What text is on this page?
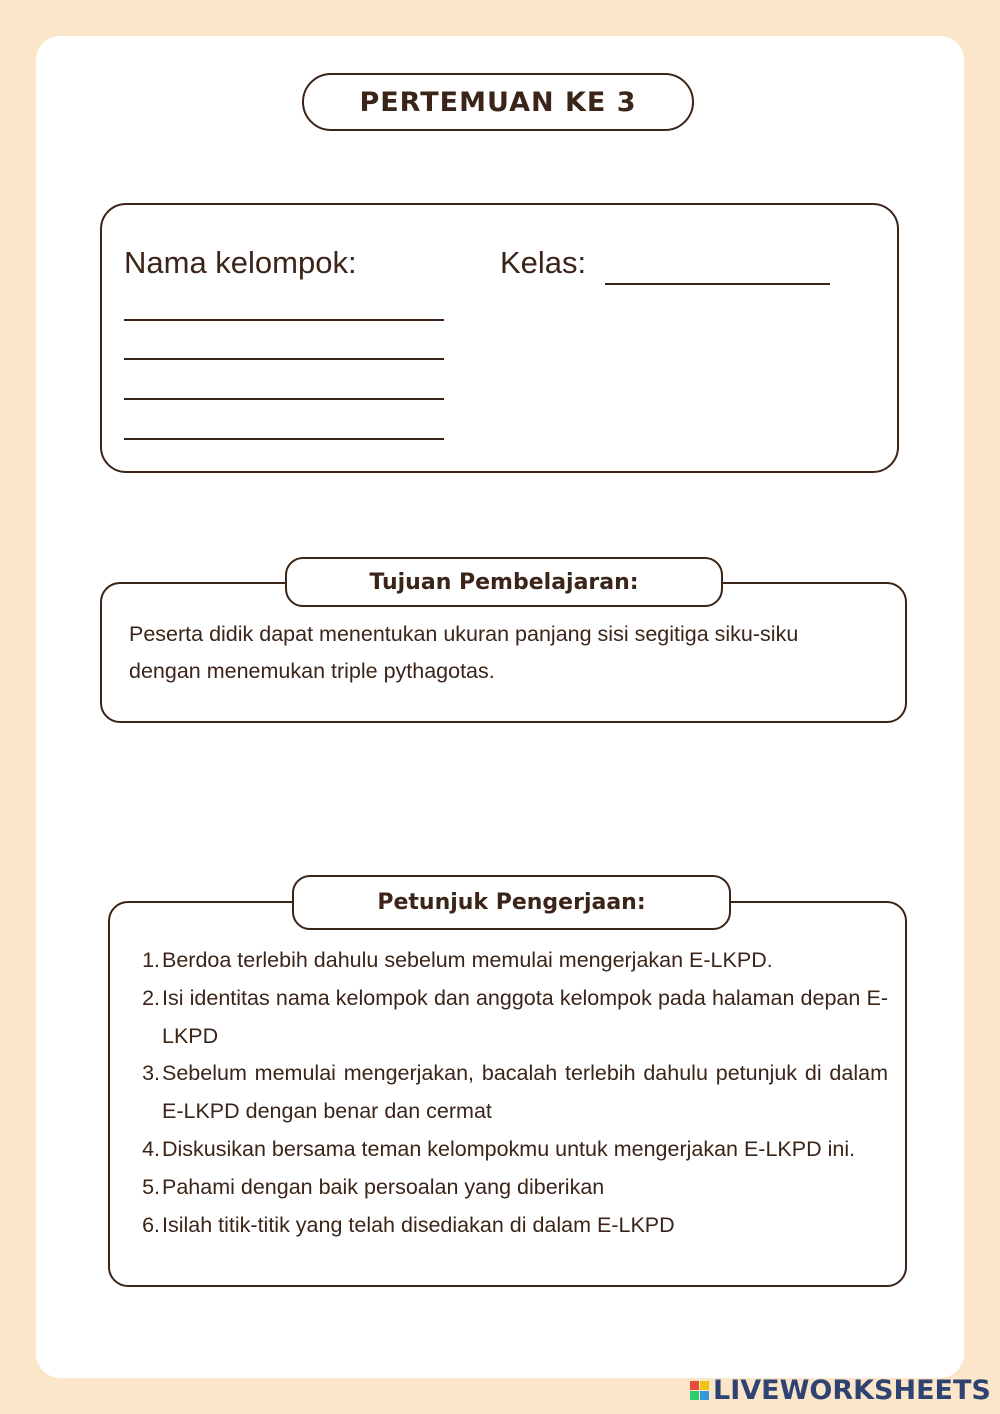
PERTEMUAN KE 3
Nama kelompok:	Kelas:
Tujuan Pembelajaran:
Peserta didik dapat menentukan ukuran panjang sisi segitiga siku-siku
dengan menemukan triple pythagotas.
Petunjuk Pengerjaan:
1. Berdoa terlebih dahulu sebelum memulai mengerjakan E-LKPD.
2. Isi identitas nama kelompok dan anggota kelompok pada halaman depan E-LKPD
3. Sebelum memulai mengerjakan, bacalah terlebih dahulu petunjuk di dalam E-LKPD dengan benar dan cermat
4. Diskusikan bersama teman kelompokmu untuk mengerjakan E-LKPD ini.
5. Pahami dengan baik persoalan yang diberikan
6. Isilah titik-titik yang telah disediakan di dalam E-LKPD
LIVEWORKSHEETS
